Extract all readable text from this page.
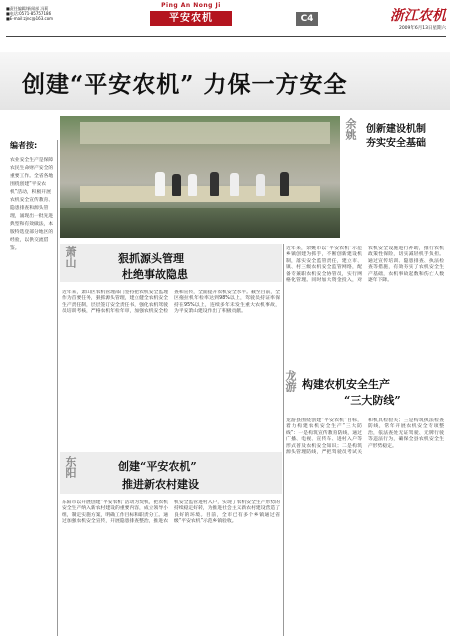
■责任编辑/新闻部 冯莉
■电话:0571-85757186
■E-mail:zjnc@163.com
Ping An Nong Ji
平安农机	C4	浙江农机
2009年6月13日星期六
创建“平安农机” 力保一方安全
编者按:
农业安全生产是保障农民生命财产安全的重要工作。全省各地围绕创建“平安农机”活动，积极开展农机安全宣传教育、隐患排查和源头管理，涌现出一批先进典型和有效做法，本版特选登部分地区的经验，以供交流借鉴。
余姚 创新建设机制
夯实安全基础
近年来，余姚市以“平安农机”示范乡镇创建为抓手，不断创新建设机制，落实安全监管责任，建立市、镇、村三级农机安全监管网络，配备专兼职农机安全协管员，实行网格化管理。同时加大资金投入，对农机安全设施进行补助，推行农机政策性保险，切实减轻机手负担。通过宣传培训、隐患排查、执法检查等措施，有效夯实了农机安全生产基础，农机事故起数和伤亡人数逐年下降。
萧山	狠抓源头管理
杜绝事故隐患
近年来，萧山区农机管理部门坚持把农机安全监理作为首要任务，狠抓源头管理，建立健全农机安全生产责任制，层层签订安全责任书，强化农机驾驶员培训考核，严格农机年检年审，加强农机安全检查和宣传，全面提升农机安全水平。截至目前，全区拖拉机年检率达到98%以上，驾驶员持证率保持在95%以上，连续多年未发生重大农机事故，为平安萧山建设作出了积极贡献。
龙游 构建农机安全生产
“三大防线”
龙游县围绕创建“平安农机”目标，着力构建农机安全生产“三大防线”：一是构筑宣传教育防线，通过广播、电视、宣传车、进村入户等形式普及农机安全知识；二是构筑源头管理防线，严把驾驶员考试关和机具检验关；三是构筑执法检查防线，常年开展农机安全专项整治，依法查处无证驾驶、无牌行驶等违法行为，确保全县农机安全生产形势稳定。
东阳	创建“平安农机”
推进新农村建设
东阳市以开展创建“平安农机”活动为契机，把农机安全生产纳入新农村建设的重要内容，成立领导小组，制定实施方案，明确工作目标和职责分工。通过加强农机安全宣传，开展隐患排查整治，推进农机安全监管进村入户，实现了农机安全生产形势的持续稳定好转，为推进社会主义新农村建设营造了良好的环境。目前，全市已有多个乡镇通过省级“平安农机”示范乡镇验收。
